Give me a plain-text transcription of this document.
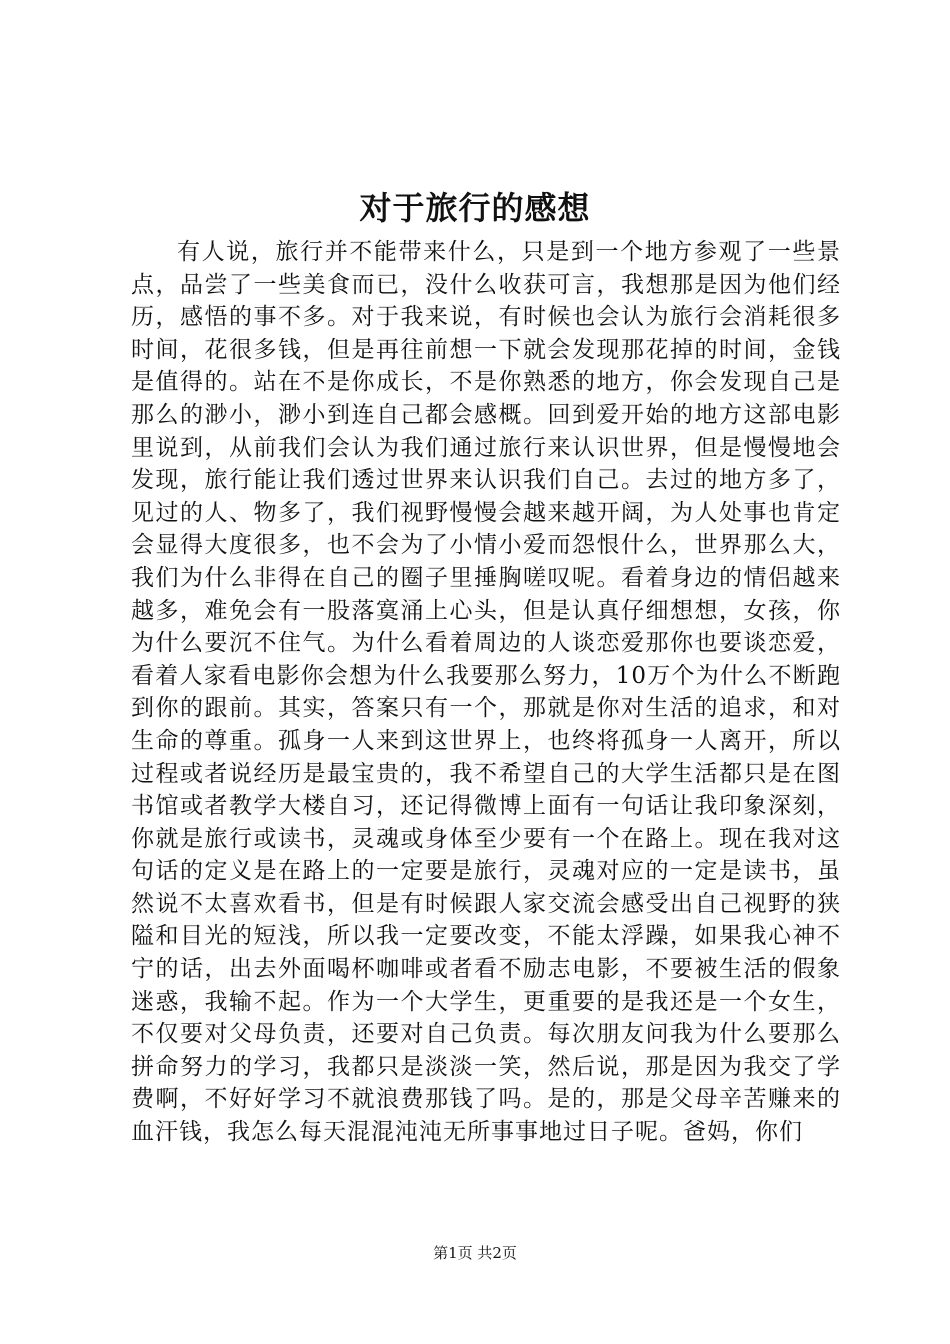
对于旅行的感想

有人说，旅行并不能带来什么，只是到一个地方参观了一些景点，品尝了一些美食而已，没什么收获可言，我想那是因为他们经历，感悟的事不多。对于我来说，有时候也会认为旅行会消耗很多时间，花很多钱，但是再往前想一下就会发现那花掉的时间，金钱是值得的。站在不是你成长，不是你熟悉的地方，你会发现自己是那么的渺小，渺小到连自己都会感概。回到爱开始的地方这部电影里说到，从前我们会认为我们通过旅行来认识世界，但是慢慢地会发现，旅行能让我们透过世界来认识我们自己。去过的地方多了，见过的人、物多了，我们视野慢慢会越来越开阔，为人处事也肯定会显得大度很多，也不会为了小情小爱而怨恨什么，世界那么大，我们为什么非得在自己的圈子里捶胸嗟叹呢。看着身边的情侣越来越多，难免会有一股落寞涌上心头，但是认真仔细想想，女孩，你为什么要沉不住气。为什么看着周边的人谈恋爱那你也要谈恋爱，看着人家看电影你会想为什么我要那么努力，10万个为什么不断跑到你的跟前。其实，答案只有一个，那就是你对生活的追求，和对生命的尊重。孤身一人来到这世界上，也终将孤身一人离开，所以过程或者说经历是最宝贵的，我不希望自己的大学生活都只是在图书馆或者教学大楼自习，还记得微博上面有一句话让我印象深刻，你就是旅行或读书，灵魂或身体至少要有一个在路上。现在我对这句话的定义是在路上的一定要是旅行，灵魂对应的一定是读书，虽然说不太喜欢看书，但是有时候跟人家交流会感受出自己视野的狭隘和目光的短浅，所以我一定要改变，不能太浮躁，如果我心神不宁的话，出去外面喝杯咖啡或者看不励志电影，不要被生活的假象迷惑，我输不起。作为一个大学生，更重要的是我还是一个女生，不仅要对父母负责，还要对自己负责。每次朋友问我为什么要那么拼命努力的学习，我都只是淡淡一笑，然后说，那是因为我交了学费啊，不好好学习不就浪费那钱了吗。是的，那是父母辛苦赚来的血汗钱，我怎么每天混混沌沌无所事事地过日子呢。爸妈，你们

第1页 共2页
